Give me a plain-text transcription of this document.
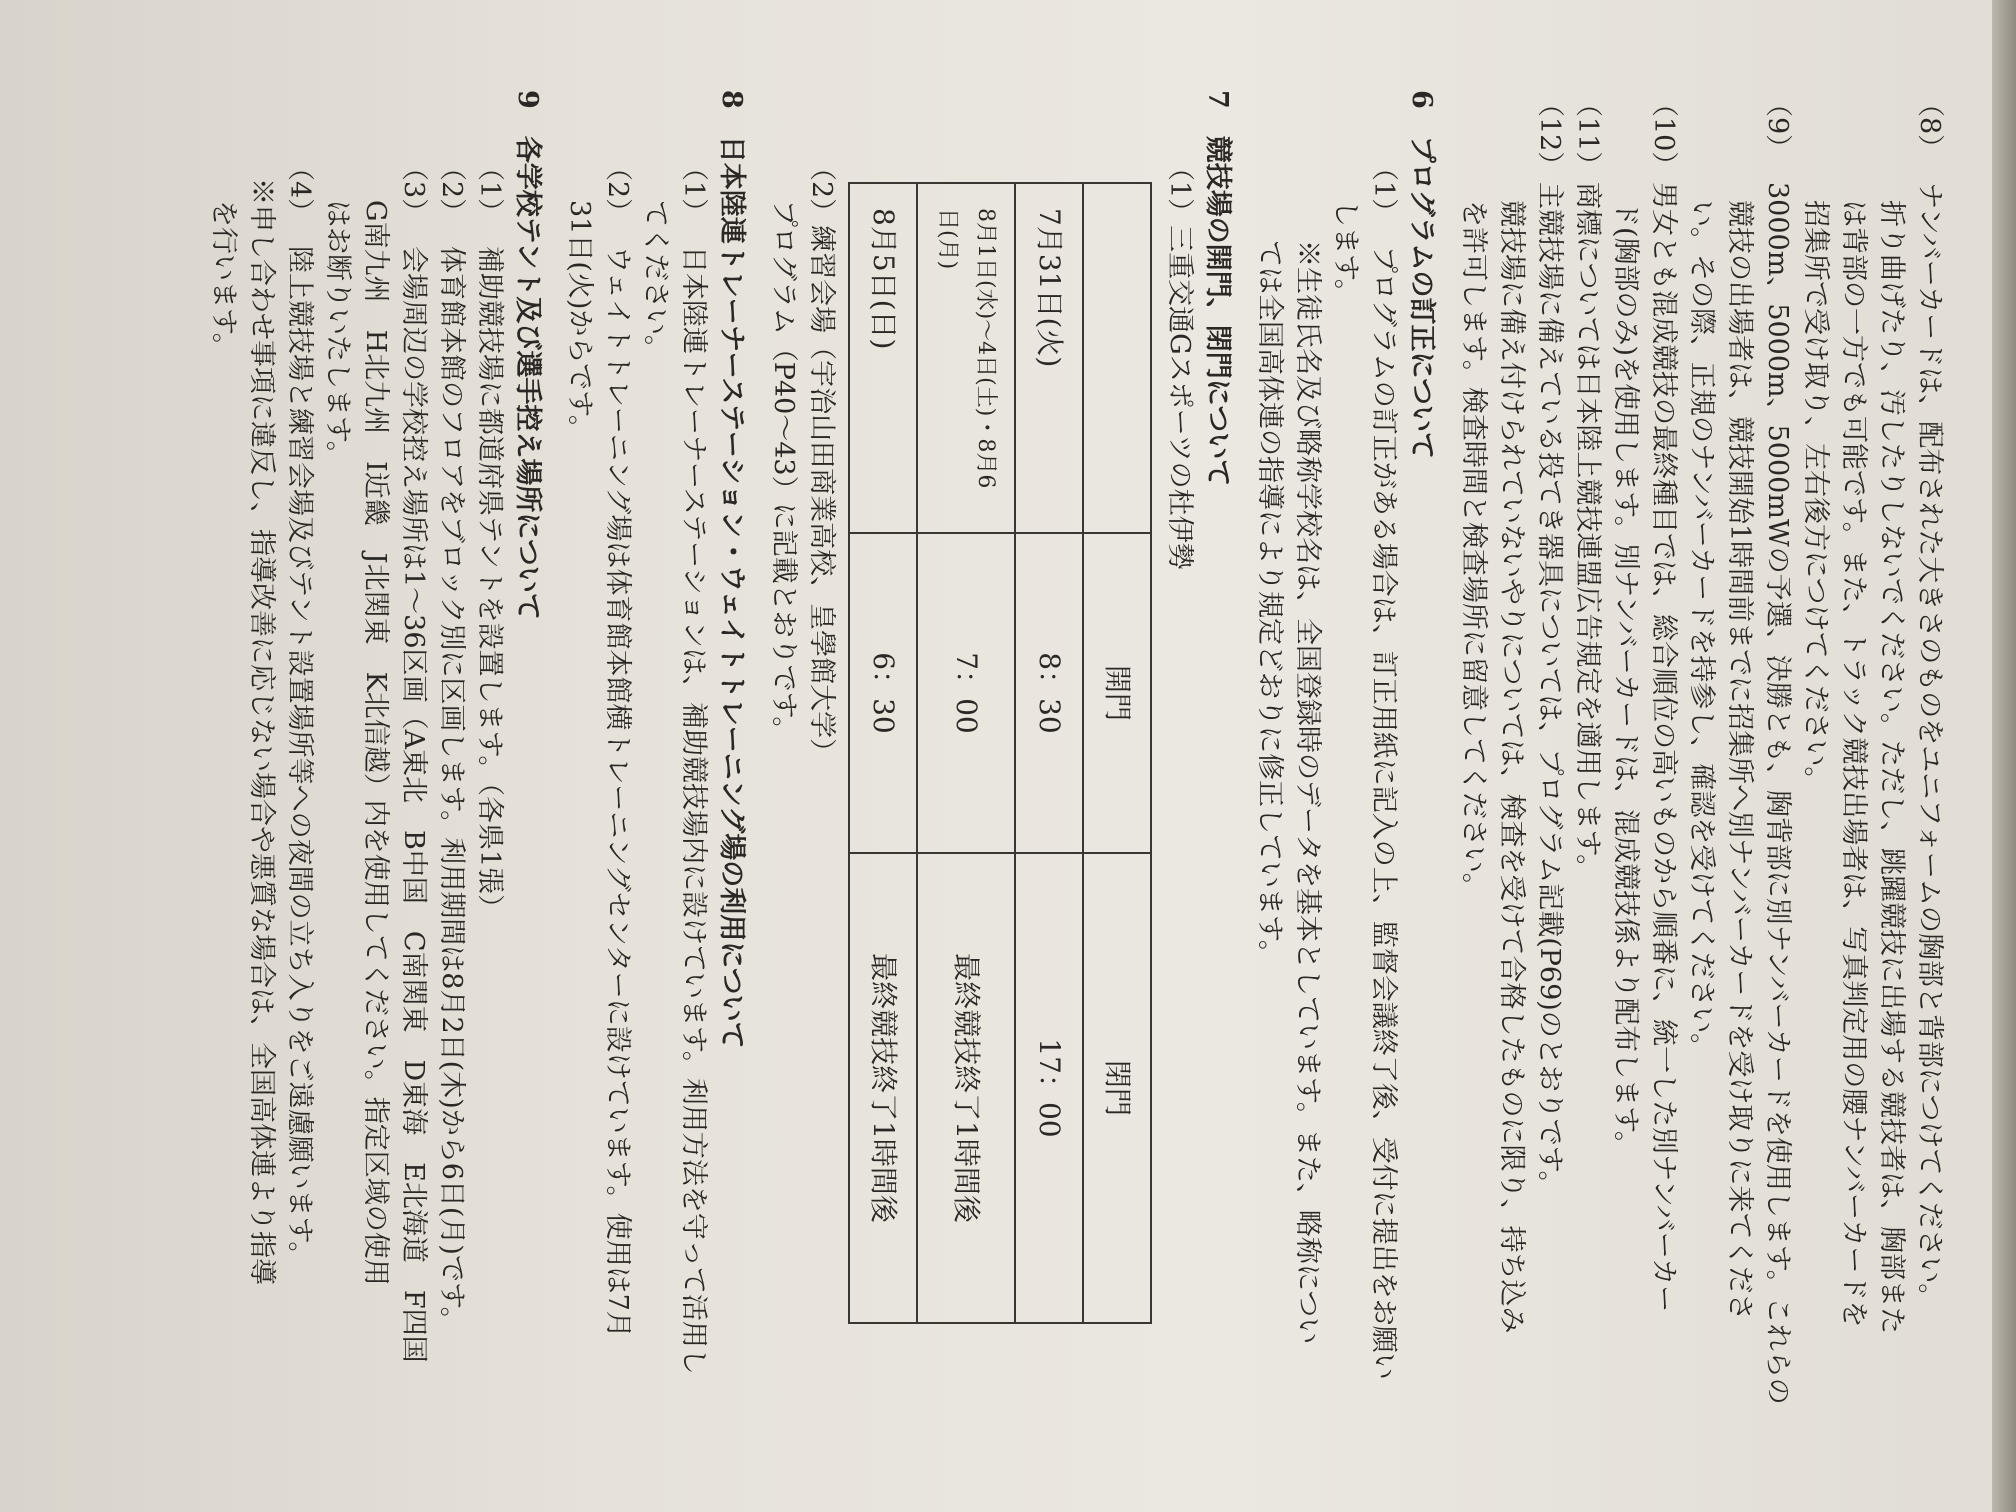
（8）ナンバーカードは、配布された大きさのものをユニフォームの胸部と背部につけてください。
折り曲げたり、汚したりしないでください。ただし、跳躍競技に出場する競技者は、胸部また
は背部の一方でも可能です。また、トラック競技出場者は、写真判定用の腰ナンバーカードを
招集所で受け取り、左右後方につけてください。
（9）3000m、5000m、5000mWの予選、決勝とも、胸背部に別ナンバーカードを使用します。これらの
競技の出場者は、競技開始1時間前までに招集所へ別ナンバーカードを受け取りに来てくださ
い。その際、正規のナンバーカードを持参し、確認を受けてください。
（10）男女とも混成競技の最終種目では、総合順位の高いものから順番に、統一した別ナンバーカー
ド(胸部のみ)を使用します。別ナンバーカードは、混成競技係より配布します。
（11）商標については日本陸上競技連盟広告規定を適用します。
（12）主競技場に備えている投てき器具については、プログラム記載(P69)のとおりです。
競技場に備え付けられていないやりについては、検査を受けて合格したものに限り、持ち込み
を許可します。検査時間と検査場所に留意してください。
6　プログラムの訂正について
（1）プログラムの訂正がある場合は、訂正用紙に記入の上、監督会議終了後、受付に提出をお願い
します。
※生徒氏名及び略称学校名は、全国登録時のデータを基本としています。また、略称につい
ては全国高体連の指導により規定どおりに修正しています。
7　競技場の開門、閉門について
（1）三重交通Gスポーツの杜伊勢
	開門	閉門
7月31日(火)	8：30	17：00
8月1日(水)〜4日(土)・8月6日(月)	7：00	最終競技終了1時間後
8月5日(日)	6：30	最終競技終了1時間後
（2）練習会場（宇治山田商業高校、皇學館大学）
プログラム（P40〜43）に記載とおりです。
8　日本陸連トレーナーステーション・ウェイトトレーニング場の利用について
（1）日本陸連トレーナーステーションは、補助競技場内に設けています。利用方法を守って活用し
てください。
（2）ウェイトトレーニング場は体育館本館横トレーニングセンターに設けています。使用は7月
31日(火)からです。
9　各学校テント及び選手控え場所について
（1）補助競技場に都道府県テントを設置します。（各県1張）
（2）体育館本館のフロアをブロック別に区画します。利用期間は8月2日(木)から6日(月)です。
（3）会場周辺の学校控え場所は1〜36区画（A東北　B中国　C南関東　D東海　E北海道　F四国
G南九州　H北九州　I近畿　J北関東　K北信越）内を使用してください。指定区域の使用
はお断りいたします。
（4）陸上競技場と練習会場及びテント設置場所等への夜間の立ち入りをご遠慮願います。
※申し合わせ事項に違反し、指導改善に応じない場合や悪質な場合は、全国高体連より指導
を行います。
